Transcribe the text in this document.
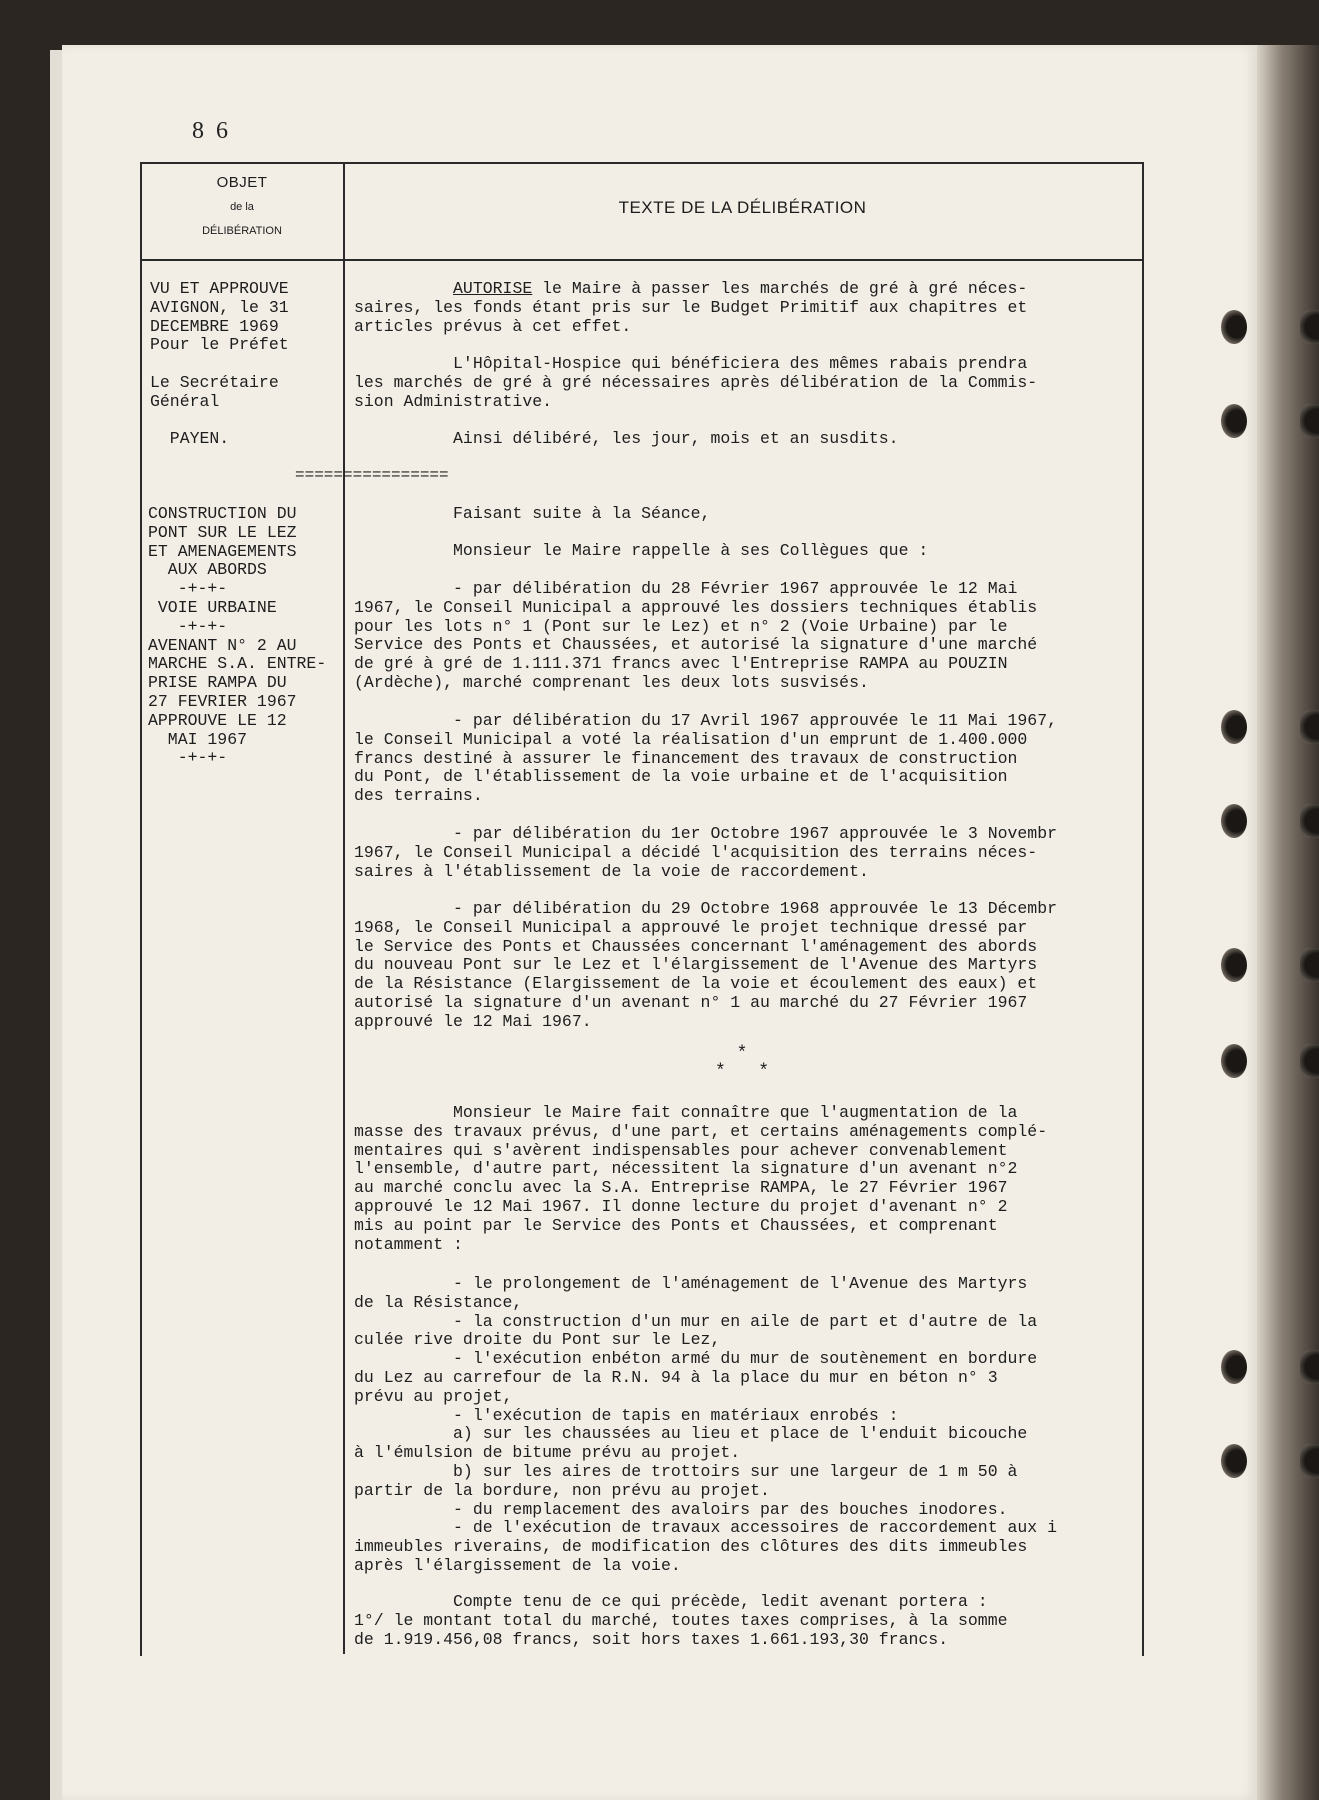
8 6
OBJET
de la
DÉLIBÉRATION
TEXTE DE LA DÉLIBÉRATION
VU ET APPROUVE
AVIGNON, le 31
DECEMBRE 1969
Pour le Préfet

Le Secrétaire
Général

PAYEN.
================
CONSTRUCTION DU
PONT SUR LE LEZ
ET AMENAGEMENTS
AUX ABORDS
-+-+-
VOIE URBAINE
-+-+-
AVENANT N° 2 AU
MARCHE S.A. ENTRE-
PRISE RAMPA DU
27 FEVRIER 1967
APPROUVE LE 12
MAI 1967
-+-+-
AUTORISE le Maire à passer les marchés de gré à gré néces-
saires, les fonds étant pris sur le Budget Primitif aux chapitres et
articles prévus à cet effet.
L'Hôpital-Hospice qui bénéficiera des mêmes rabais prendra
les marchés de gré à gré nécessaires après délibération de la Commis-
sion Administrative.
Ainsi délibéré, les jour, mois et an susdits.
Faisant suite à la Séance,
Monsieur le Maire rappelle à ses Collègues que :
- par délibération du 28 Février 1967 approuvée le 12 Mai
1967, le Conseil Municipal a approuvé les dossiers techniques établis
pour les lots n° 1 (Pont sur le Lez) et n° 2 (Voie Urbaine) par le
Service des Ponts et Chaussées, et autorisé la signature d'une marché
de gré à gré de 1.111.371 francs avec l'Entreprise RAMPA au POUZIN
(Ardèche), marché comprenant les deux lots susvisés.
- par délibération du 17 Avril 1967 approuvée le 11 Mai 1967,
le Conseil Municipal a voté la réalisation d'un emprunt de 1.400.000
francs destiné à assurer le financement des travaux de construction
du Pont, de l'établissement de la voie urbaine et de l'acquisition
des terrains.
- par délibération du 1er Octobre 1967 approuvée le 3 Novembr
1967, le Conseil Municipal a décidé l'acquisition des terrains néces-
saires à l'établissement de la voie de raccordement.
- par délibération du 29 Octobre 1968 approuvée le 13 Décembr
1968, le Conseil Municipal a approuvé le projet technique dressé par
le Service des Ponts et Chaussées concernant l'aménagement des abords
du nouveau Pont sur le Lez et l'élargissement de l'Avenue des Martyrs
de la Résistance (Elargissement de la voie et écoulement des eaux) et
autorisé la signature d'un avenant n° 1 au marché du 27 Février 1967
approuvé le 12 Mai 1967.
*
*   *
Monsieur le Maire fait connaître que l'augmentation de la
masse des travaux prévus, d'une part, et certains aménagements complé-
mentaires qui s'avèrent indispensables pour achever convenablement
l'ensemble, d'autre part, nécessitent la signature d'un avenant n°2
au marché conclu avec la S.A. Entreprise RAMPA, le 27 Février 1967
approuvé le 12 Mai 1967. Il donne lecture du projet d'avenant n° 2
mis au point par le Service des Ponts et Chaussées, et comprenant
notamment :
- le prolongement de l'aménagement de l'Avenue des Martyrs
de la Résistance,
- la construction d'un mur en aile de part et d'autre de la
culée rive droite du Pont sur le Lez,
- l'exécution enbéton armé du mur de soutènement en bordure
du Lez au carrefour de la R.N. 94 à la place du mur en béton n° 3
prévu au projet,
- l'exécution de tapis en matériaux enrobés :
a) sur les chaussées au lieu et place de l'enduit bicouche
à l'émulsion de bitume prévu au projet.
b) sur les aires de trottoirs sur une largeur de 1 m 50 à
partir de la bordure, non prévu au projet.
- du remplacement des avaloirs par des bouches inodores.
- de l'exécution de travaux accessoires de raccordement aux i
immeubles riverains, de modification des clôtures des dits immeubles
après l'élargissement de la voie.
Compte tenu de ce qui précède, ledit avenant portera :
1°/ le montant total du marché, toutes taxes comprises, à la somme
de 1.919.456,08 francs, soit hors taxes 1.661.193,30 francs.
